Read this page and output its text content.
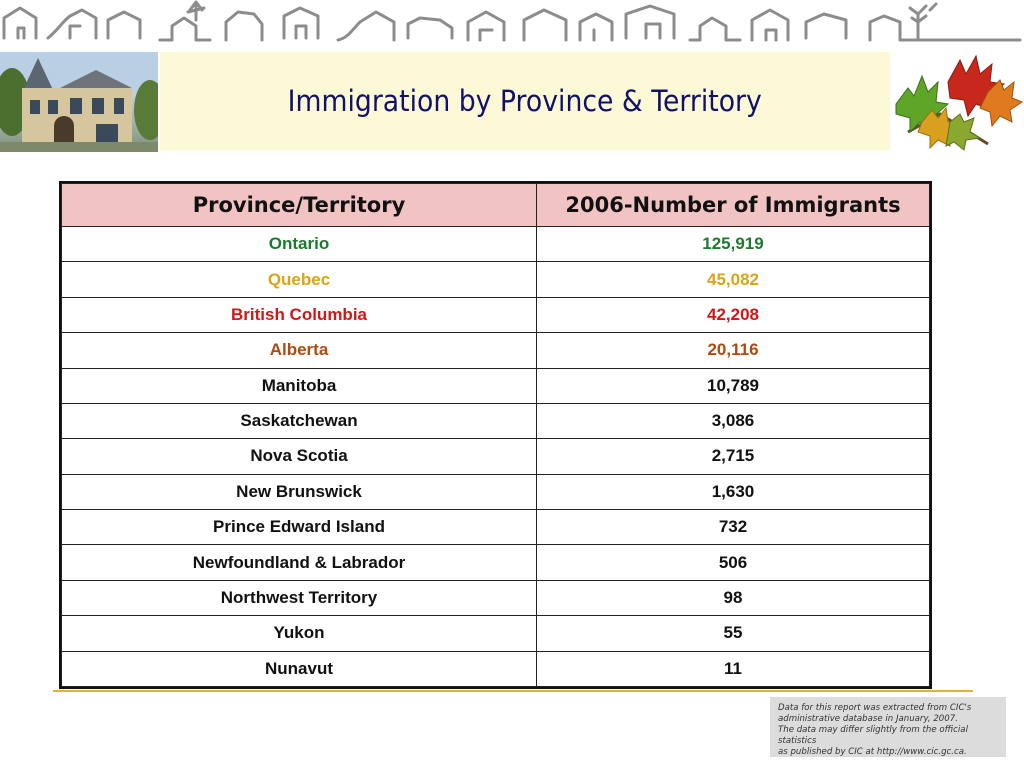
Immigration by Province & Territory
Province/Territory	2006-Number of Immigrants
Ontario	125,919
Quebec	45,082
British Columbia	42,208
Alberta	20,116
Manitoba	10,789
Saskatchewan	3,086
Nova Scotia	2,715
New Brunswick	1,630
Prince Edward Island	732
Newfoundland & Labrador	506
Northwest Territory	98
Yukon	55
Nunavut	11
Data for this report was extracted from CIC's
administrative database in January, 2007.
The data may differ slightly from the official statistics
as published by CIC at http://www.cic.gc.ca.
